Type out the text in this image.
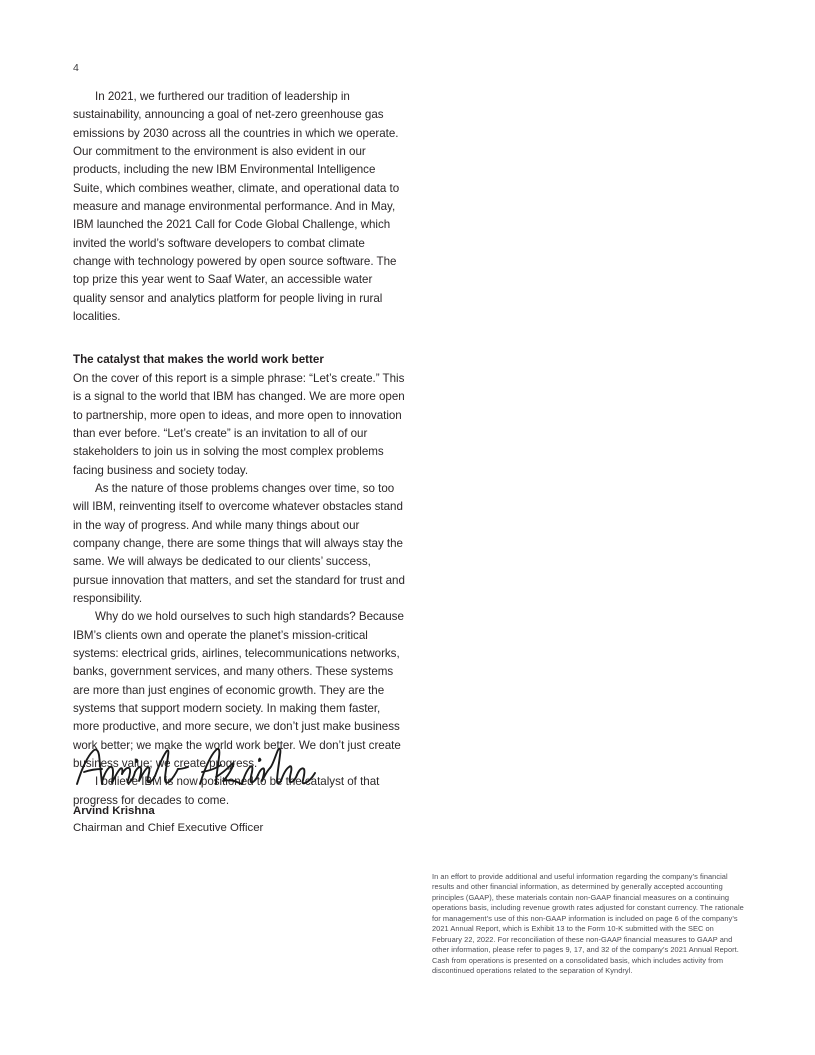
4

In 2021, we furthered our tradition of leadership in sustainability, announcing a goal of net-zero greenhouse gas emissions by 2030 across all the countries in which we operate. Our commitment to the environment is also evident in our products, including the new IBM Environmental Intelligence Suite, which combines weather, climate, and operational data to measure and manage environmental performance. And in May, IBM launched the 2021 Call for Code Global Challenge, which invited the world’s software developers to combat climate change with technology powered by open source software. The top prize this year went to Saaf Water, an accessible water quality sensor and analytics platform for people living in rural localities.

The catalyst that makes the world work better

On the cover of this report is a simple phrase: “Let’s create.” This is a signal to the world that IBM has changed. We are more open to partnership, more open to ideas, and more open to innovation than ever before. “Let’s create” is an invitation to all of our stakeholders to join us in solving the most complex problems facing business and society today.

As the nature of those problems changes over time, so too will IBM, reinventing itself to overcome whatever obstacles stand in the way of progress. And while many things about our company change, there are some things that will always stay the same. We will always be dedicated to our clients’ success, pursue innovation that matters, and set the standard for trust and responsibility.

Why do we hold ourselves to such high standards? Because IBM’s clients own and operate the planet’s mission-critical systems: electrical grids, airlines, telecommunications networks, banks, government services, and many others. These systems are more than just engines of economic growth. They are the systems that support modern society. In making them faster, more productive, and more secure, we don’t just make business work better; we make the world work better. We don’t just create business value; we create progress.

I believe IBM is now positioned to be the catalyst of that progress for decades to come.

Arvind Krishna
Chairman and Chief Executive Officer

In an effort to provide additional and useful information regarding the company’s financial results and other financial information, as determined by generally accepted accounting principles (GAAP), these materials contain non-GAAP financial measures on a continuing operations basis, including revenue growth rates adjusted for constant currency. The rationale for management’s use of this non-GAAP information is included on page 6 of the company’s 2021 Annual Report, which is Exhibit 13 to the Form 10-K submitted with the SEC on February 22, 2022. For reconciliation of these non-GAAP financial measures to GAAP and other information, please refer to pages 9, 17, and 32 of the company’s 2021 Annual Report. Cash from operations is presented on a consolidated basis, which includes activity from discontinued operations related to the separation of Kyndryl.
